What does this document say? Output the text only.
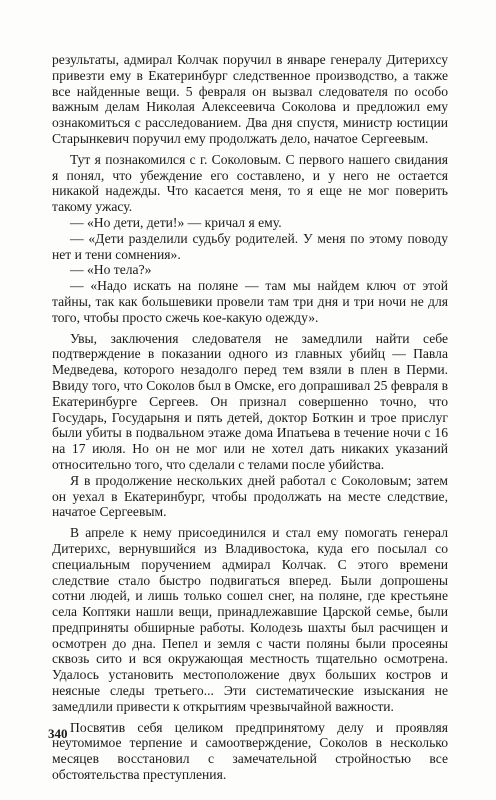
результаты, адмирал Колчак поручил в январе генералу Дитерихсу привезти ему в Екатеринбург следственное производство, а также все найденные вещи. 5 февраля он вызвал следователя по особо важным делам Николая Алексеевича Соколова и предложил ему ознакомиться с расследованием. Два дня спустя, министр юстиции Старынкевич поручил ему продолжать дело, начатое Сергеевым.

Тут я познакомился с г. Соколовым. С первого нашего свидания я понял, что убеждение его составлено, и у него не остается никакой надежды. Что касается меня, то я еще не мог поверить такому ужасу.

— «Но дети, дети!» — кричал я ему.

— «Дети разделили судьбу родителей. У меня по этому поводу нет и тени сомнения».

— «Но тела?»

— «Надо искать на поляне — там мы найдем ключ от этой тайны, так как большевики провели там три дня и три ночи не для того, чтобы просто сжечь кое-какую одежду».

Увы, заключения следователя не замедлили найти себе подтверждение в показании одного из главных убийц — Павла Медведева, которого незадолго перед тем взяли в плен в Перми. Ввиду того, что Соколов был в Омске, его допрашивал 25 февраля в Екатеринбурге Сергеев. Он признал совершенно точно, что Государь, Государыня и пять детей, доктор Боткин и трое прислуг были убиты в подвальном этаже дома Ипатьева в течение ночи с 16 на 17 июля. Но он не мог или не хотел дать никаких указаний относительно того, что сделали с телами после убийства.

Я в продолжение нескольких дней работал с Соколовым; затем он уехал в Екатеринбург, чтобы продолжать на месте следствие, начатое Сергеевым.

В апреле к нему присоединился и стал ему помогать генерал Дитерихс, вернувшийся из Владивостока, куда его посылал со специальным поручением адмирал Колчак. С этого времени следствие стало быстро подвигаться вперед. Были допрошены сотни людей, и лишь только сошел снег, на поляне, где крестьяне села Коптяки нашли вещи, принадлежавшие Царской семье, были предприняты обширные работы. Колодезь шахты был расчищен и осмотрен до дна. Пепел и земля с части поляны были просеяны сквозь сито и вся окружающая местность тщательно осмотрена. Удалось установить местоположение двух больших костров и неясные следы третьего... Эти систематические изыскания не замедлили привести к открытиям чрезвычайной важности.

Посвятив себя целиком предпринятому делу и проявляя неутомимое терпение и самоотверждение, Соколов в несколько месяцев восстановил с замечательной стройностью все обстоятельства преступления.

340
